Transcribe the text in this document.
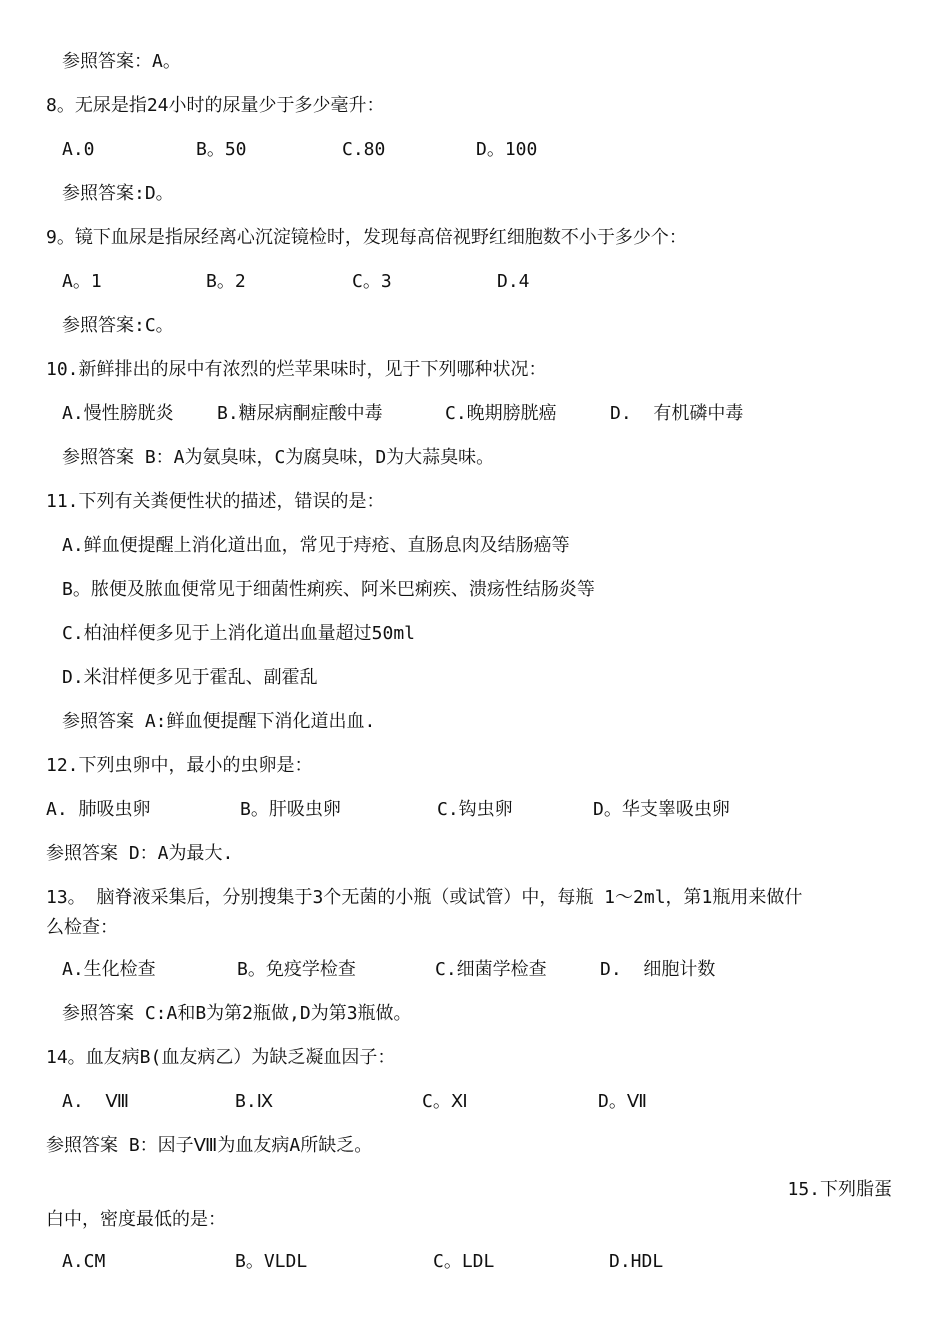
参照答案：A。
8。无尿是指24小时的尿量少于多少毫升：
A.0	B。50	C.80	D。100
参照答案:D。
9。镜下血尿是指尿经离心沉淀镜检时，发现每高倍视野红细胞数不小于多少个：
A。1	B。2	C。3	D.4
参照答案:C。
10.新鲜排出的尿中有浓烈的烂苹果味时，见于下列哪种状况：
A.慢性膀胱炎 B.糖尿病酮症酸中毒	C.晚期膀胱癌	D.  有机磷中毒
参照答案 B：A为氨臭味，C为腐臭味，D为大蒜臭味。
11.下列有关粪便性状的描述，错误的是：
A.鲜血便提醒上消化道出血，常见于痔疮、直肠息肉及结肠癌等
B。脓便及脓血便常见于细菌性痢疾、阿米巴痢疾、溃疡性结肠炎等
C.柏油样便多见于上消化道出血量超过50ml
D.米泔样便多见于霍乱、副霍乱
参照答案 A:鲜血便提醒下消化道出血.
12.下列虫卵中，最小的虫卵是：
A. 肺吸虫卵	B。肝吸虫卵	C.钩虫卵	D。华支睾吸虫卵
参照答案 D：A为最大.
13。 脑脊液采集后，分别搜集于3个无菌的小瓶（或试管）中，每瓶 1～2ml，第1瓶用来做什
么检查：
A.生化检查	B。免疫学检查	C.细菌学检查	D.  细胞计数
参照答案 C:A和B为第2瓶做,D为第3瓶做。
14。血友病B(血友病乙）为缺乏凝血因子：
A.  Ⅷ	B.Ⅸ	C。Ⅺ	D。Ⅶ
参照答案 B：因子Ⅷ为血友病A所缺乏。
15.下列脂蛋
白中，密度最低的是：
A.CM	B。VLDL	C。LDL	D.HDL
